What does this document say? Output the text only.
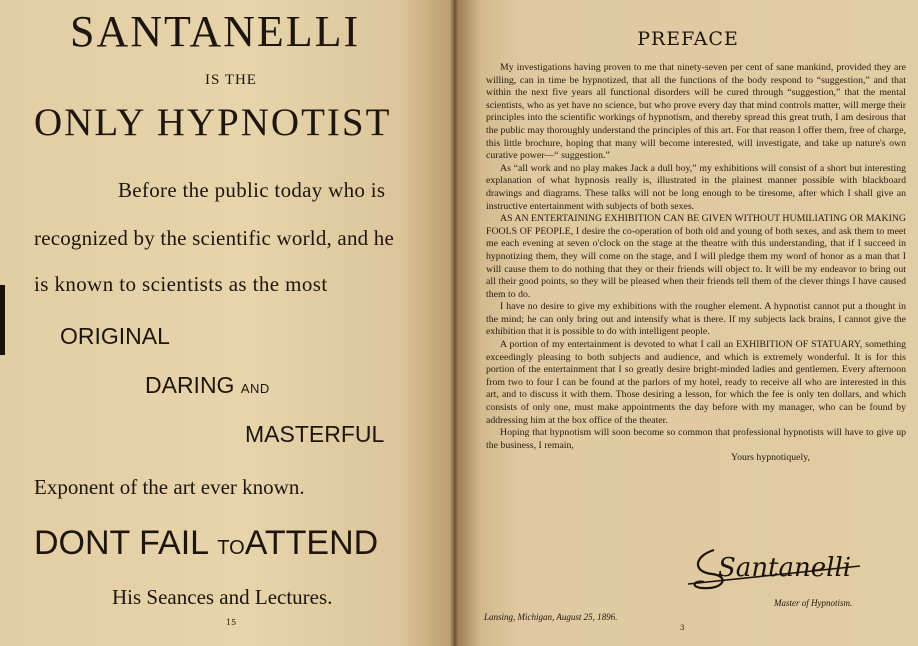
SANTANELLI
IS THE
ONLY HYPNOTIST
Before the public today who is
recognized by the scientific world, and he
is known to scientists as the most
ORIGINAL
DARING AND
MASTERFUL
Exponent of the art ever known.
DONT FAIL TOATTEND
His Seances and Lectures.
15
PREFACE

My investigations having proven to me that ninety-seven per cent of sane mankind, provided they are willing, can in time be hypnotized, that all the functions of the body respond to “suggestion,” and that within the next five years all functional disorders will be cured through “suggestion,” that the mental scientists, who as yet have no science, but who prove every day that mind controls matter, will merge their principles into the scientific workings of hypnotism, and thereby spread this great truth, I am desirous that the public may thoroughly understand the principles of this art. For that reason I offer them, free of charge, this little brochure, hoping that many will become interested, will investigate, and take up nature's own curative power—“ suggestion.”

As “all work and no play makes Jack a dull boy,” my exhibitions will consist of a short but interesting explanation of what hypnosis really is, illustrated in the plainest manner possible with blackboard drawings and diagrams. These talks will not be long enough to be tiresome, after which I shall give an instructive entertainment with subjects of both sexes.

AS AN ENTERTAINING EXHIBITION CAN BE GIVEN WITHOUT HUMILIATING OR MAKING FOOLS OF PEOPLE, I desire the co-operation of both old and young of both sexes, and ask them to meet me each evening at seven o'clock on the stage at the theatre with this understanding, that if I succeed in hypnotizing them, they will come on the stage, and I will pledge them my word of honor as a man that I will cause them to do nothing that they or their friends will object to. It will be my endeavor to bring out all their good points, so they will be pleased when their friends tell them of the clever things I have caused them to do.

I have no desire to give my exhibitions with the rougher element. A hypnotist cannot put a thought in the mind; he can only bring out and intensify what is there. If my subjects lack brains, I cannot give the exhibition that it is possible to do with intelligent people.

A portion of my entertainment is devoted to what I call an EXHIBITION OF STATUARY, something exceedingly pleasing to both subjects and audience, and which is extremely wonderful. It is for this portion of the entertainment that I so greatly desire bright-minded ladies and gentlemen. Every afternoon from two to four I can be found at the parlors of my hotel, ready to receive all who are interested in this art, and to discuss it with them. Those desiring a lesson, for which the fee is only ten dollars, and which consists of only one, must make appointments the day before with my manager, who can be found by addressing him at the box office of the theater.

Hoping that hypnotism will soon become so common that professional hypnotists will have to give up the business, I remain,

Yours hypnotiquely,

Santanelli
Master of Hypnotism.
Lansing, Michigan, August 25, 1896.
3
